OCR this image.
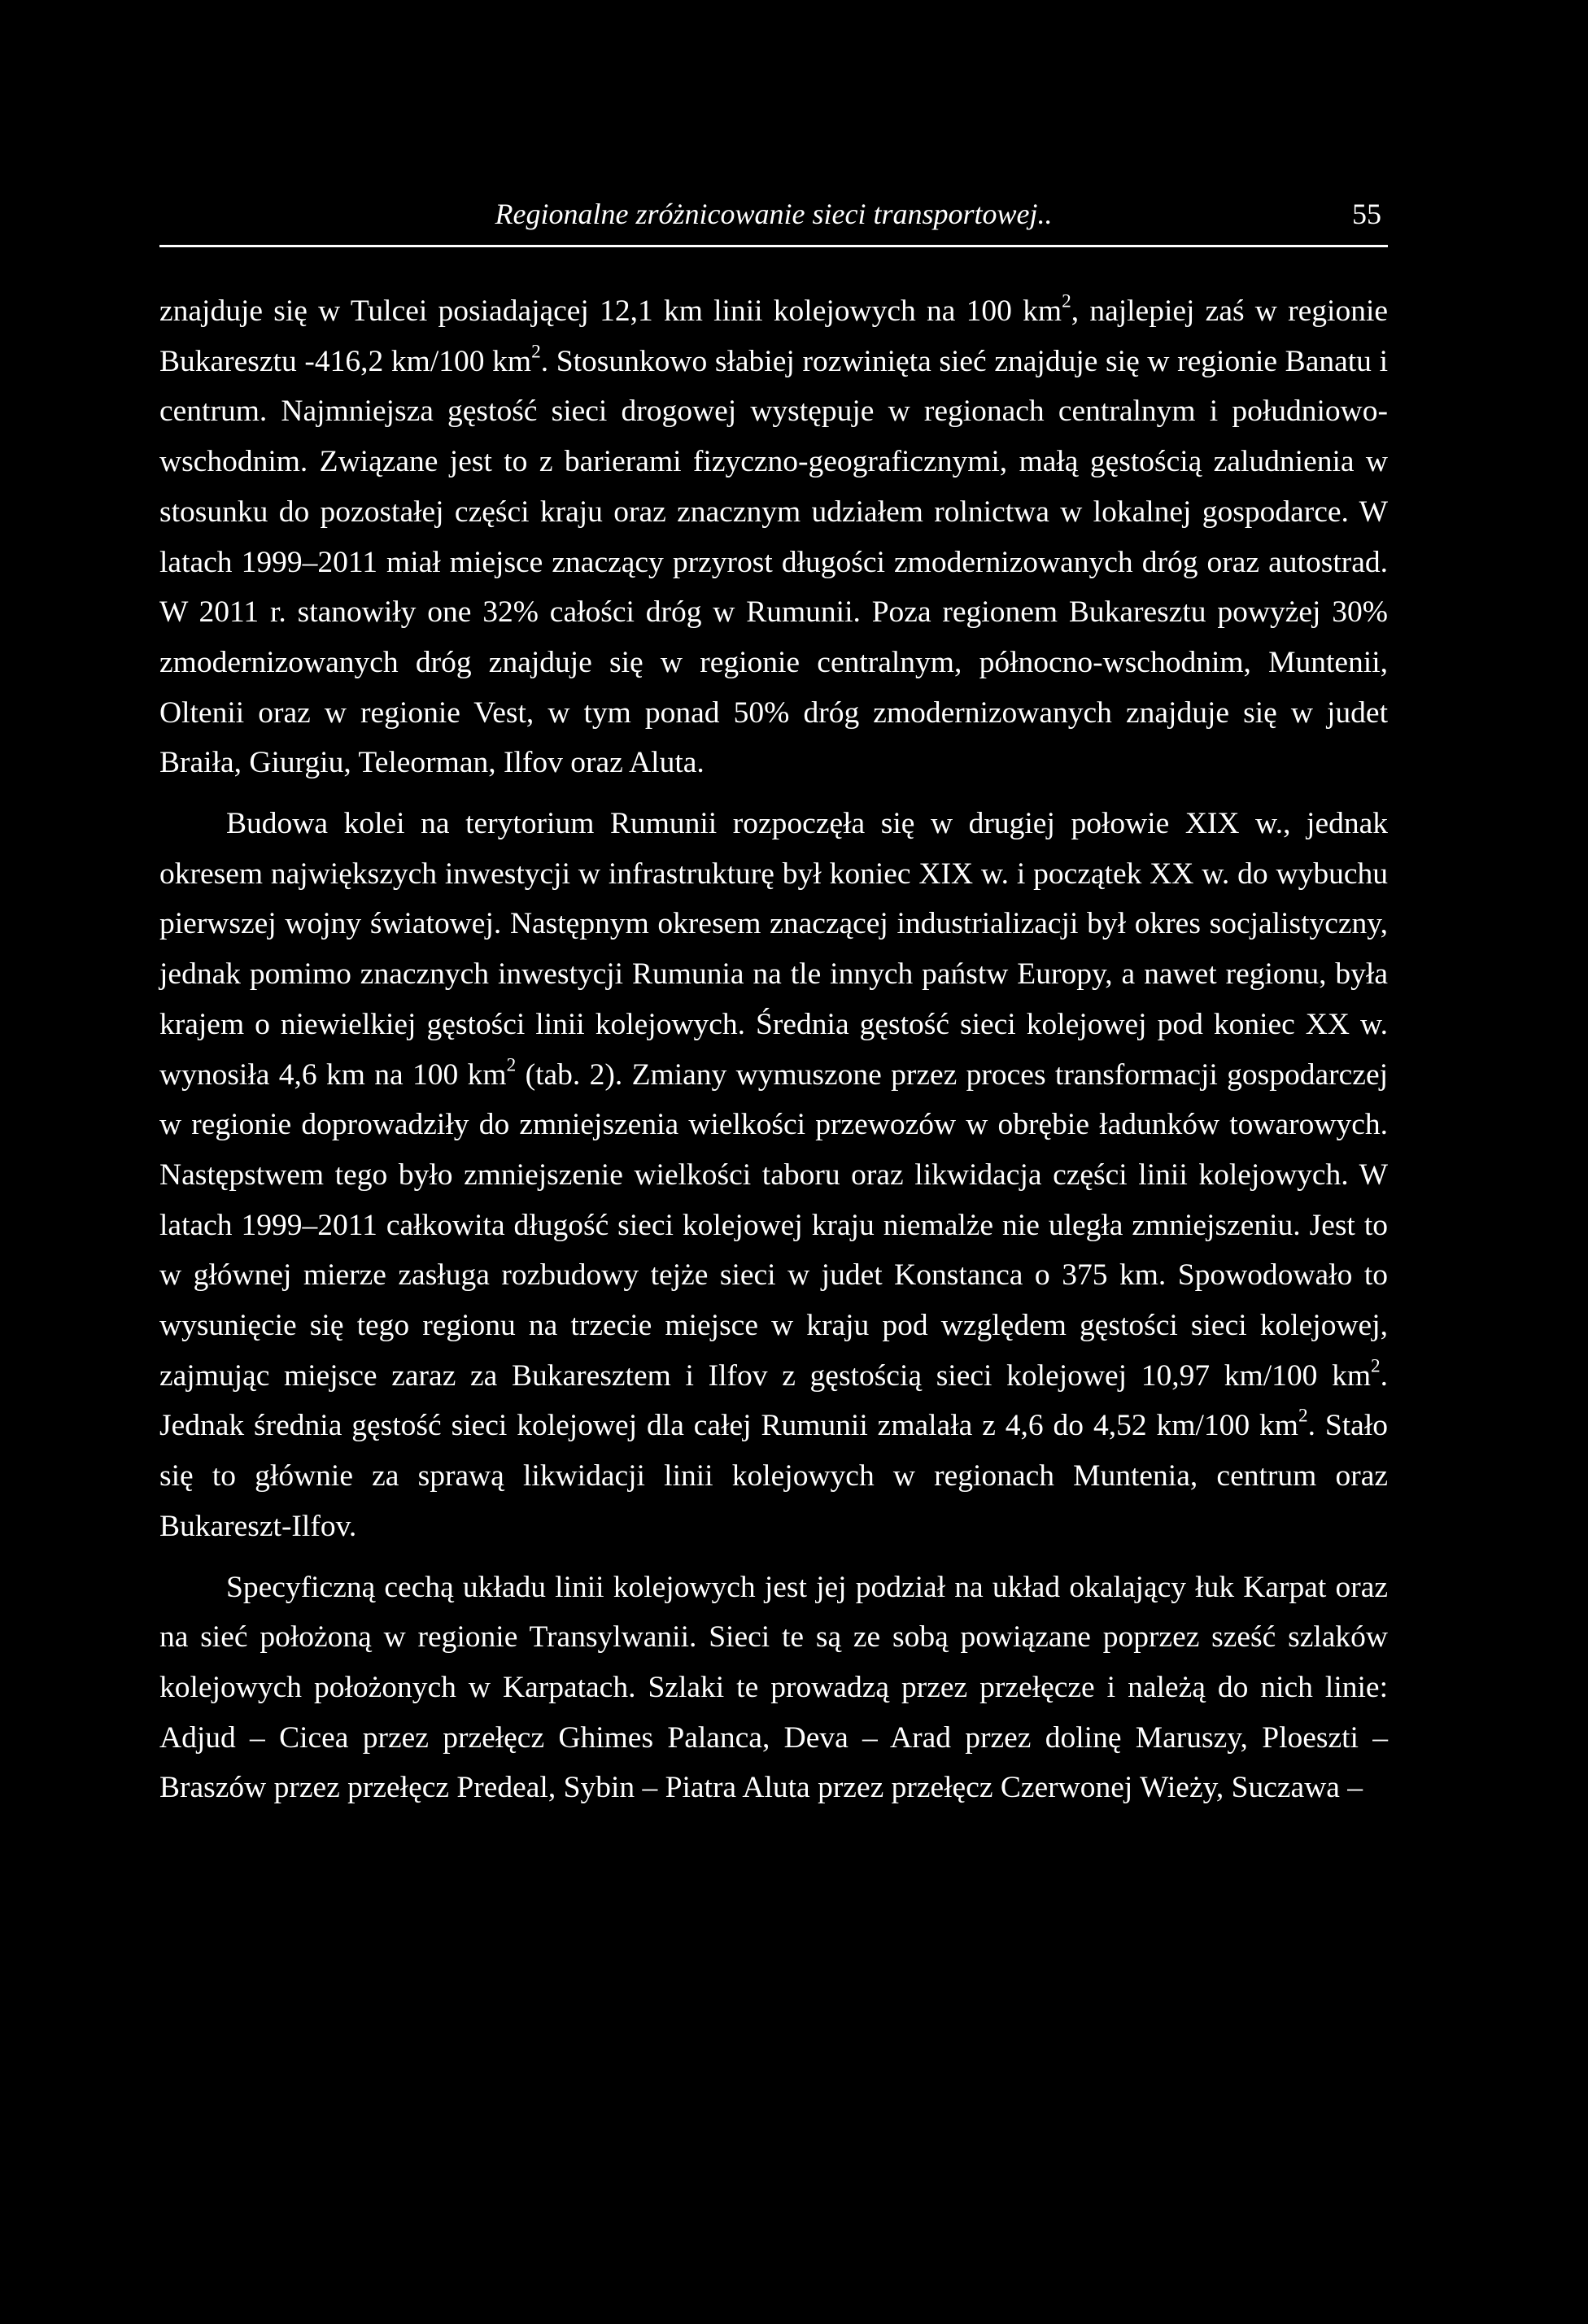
Regionalne zróżnicowanie sieci transportowej..	55

znajduje się w Tulcei posiadającej 12,1 km linii kolejowych na 100 $km^2$, najlepiej zaś w regionie Bukaresztu -416,2 km/100 $km^2$. Stosunkowo słabiej rozwinięta sieć znajduje się w regionie Banatu i centrum. Najmniejsza gęstość sieci drogowej występuje w regionach centralnym i południowo-wschodnim. Związane jest to z barierami fizyczno-geograficznymi, małą gęstością zaludnienia w stosunku do pozostałej części kraju oraz znacznym udziałem rolnictwa w lokalnej gospodarce. W latach 1999–2011 miał miejsce znaczący przyrost długości zmodernizowanych dróg oraz autostrad. W 2011 r. stanowiły one 32% całości dróg w Rumunii. Poza regionem Bukaresztu powyżej 30% zmodernizowanych dróg znajduje się w regionie centralnym, północno-wschodnim, Muntenii, Oltenii oraz w regionie Vest, w tym ponad 50% dróg zmodernizowanych znajduje się w judet Braiła, Giurgiu, Teleorman, Ilfov oraz Aluta.

Budowa kolei na terytorium Rumunii rozpoczęła się w drugiej połowie XIX w., jednak okresem największych inwestycji w infrastrukturę był koniec XIX w. i początek XX w. do wybuchu pierwszej wojny światowej. Następnym okresem znaczącej industrializacji był okres socjalistyczny, jednak pomimo znacznych inwestycji Rumunia na tle innych państw Europy, a nawet regionu, była krajem o niewielkiej gęstości linii kolejowych. Średnia gęstość sieci kolejowej pod koniec XX w. wynosiła 4,6 km na 100 $km^2$ (tab. 2). Zmiany wymuszone przez proces transformacji gospodarczej w regionie doprowadziły do zmniejszenia wielkości przewozów w obrębie ładunków towarowych. Następstwem tego było zmniejszenie wielkości taboru oraz likwidacja części linii kolejowych. W latach 1999–2011 całkowita długość sieci kolejowej kraju niemalże nie uległa zmniejszeniu. Jest to w głównej mierze zasługa rozbudowy tejże sieci w judet Konstanca o 375 km. Spowodowało to wysunięcie się tego regionu na trzecie miejsce w kraju pod względem gęstości sieci kolejowej, zajmując miejsce zaraz za Bukaresztem i Ilfov z gęstością sieci kolejowej 10,97 km/100 $km^2$. Jednak średnia gęstość sieci kolejowej dla całej Rumunii zmalała z 4,6 do 4,52 km/100 $km^2$. Stało się to głównie za sprawą likwidacji linii kolejowych w regionach Muntenia, centrum oraz Bukareszt-Ilfov.

Specyficzną cechą układu linii kolejowych jest jej podział na układ okalający łuk Karpat oraz na sieć położoną w regionie Transylwanii. Sieci te są ze sobą powiązane poprzez sześć szlaków kolejowych położonych w Karpatach. Szlaki te prowadzą przez przełęcze i należą do nich linie: Adjud – Cicea przez przełęcz Ghimes Palanca, Deva – Arad przez dolinę Maruszy, Ploeszti – Braszów przez przełęcz Predeal, Sybin – Piatra Aluta przez przełęcz Czerwonej Wieży, Suczawa –
